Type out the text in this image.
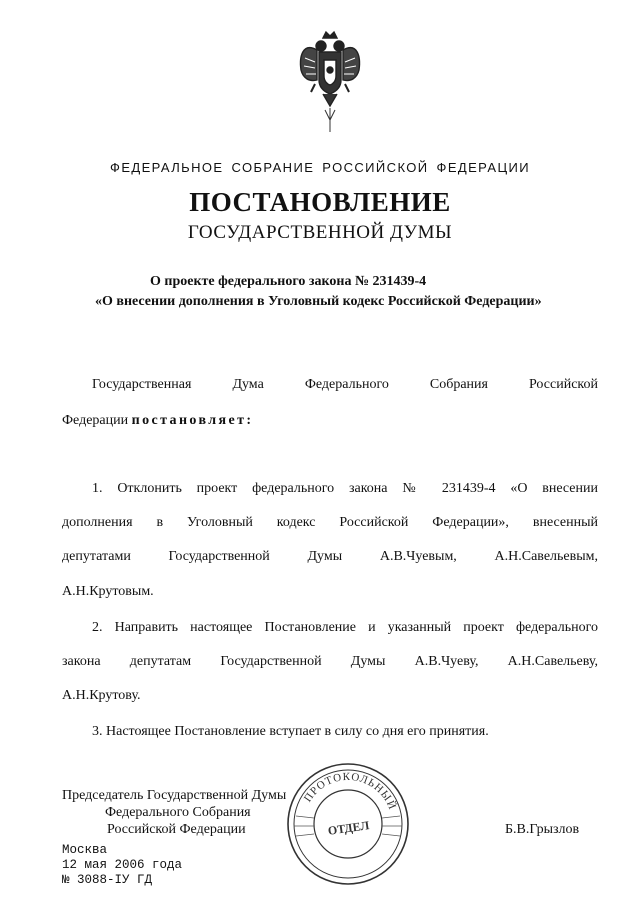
ФЕДЕРАЛЬНОЕ СОБРАНИЕ РОССИЙСКОЙ ФЕДЕРАЦИИ
ПОСТАНОВЛЕНИЕ
ГОСУДАРСТВЕННОЙ ДУМЫ
О проекте федерального закона № 231439-4
«О внесении дополнения в Уголовный кодекс Российской Федерации»
Государственная Дума Федерального Собрания Российской
Федерации постановляет:
1. Отклонить проект федерального закона № 231439-4 «О внесении
дополнения в Уголовный кодекс Российской Федерации», внесенный
депутатами Государственной Думы А.В.Чуевым, А.Н.Савельевым,
А.Н.Крутовым.
2. Направить настоящее Постановление и указанный проект федерального
закона депутатам Государственной Думы А.В.Чуеву, А.Н.Савельеву,
А.Н.Крутову.
3. Настоящее Постановление вступает в силу со дня его принятия.
Председатель Государственной Думы
Федерального Собрания
Российской Федерации	Б.В.Грызлов
ПРОТОКОЛЬНЫЙ
ОТДЕЛ
Москва
12 мая 2006 года
№ 3088-IУ ГД
